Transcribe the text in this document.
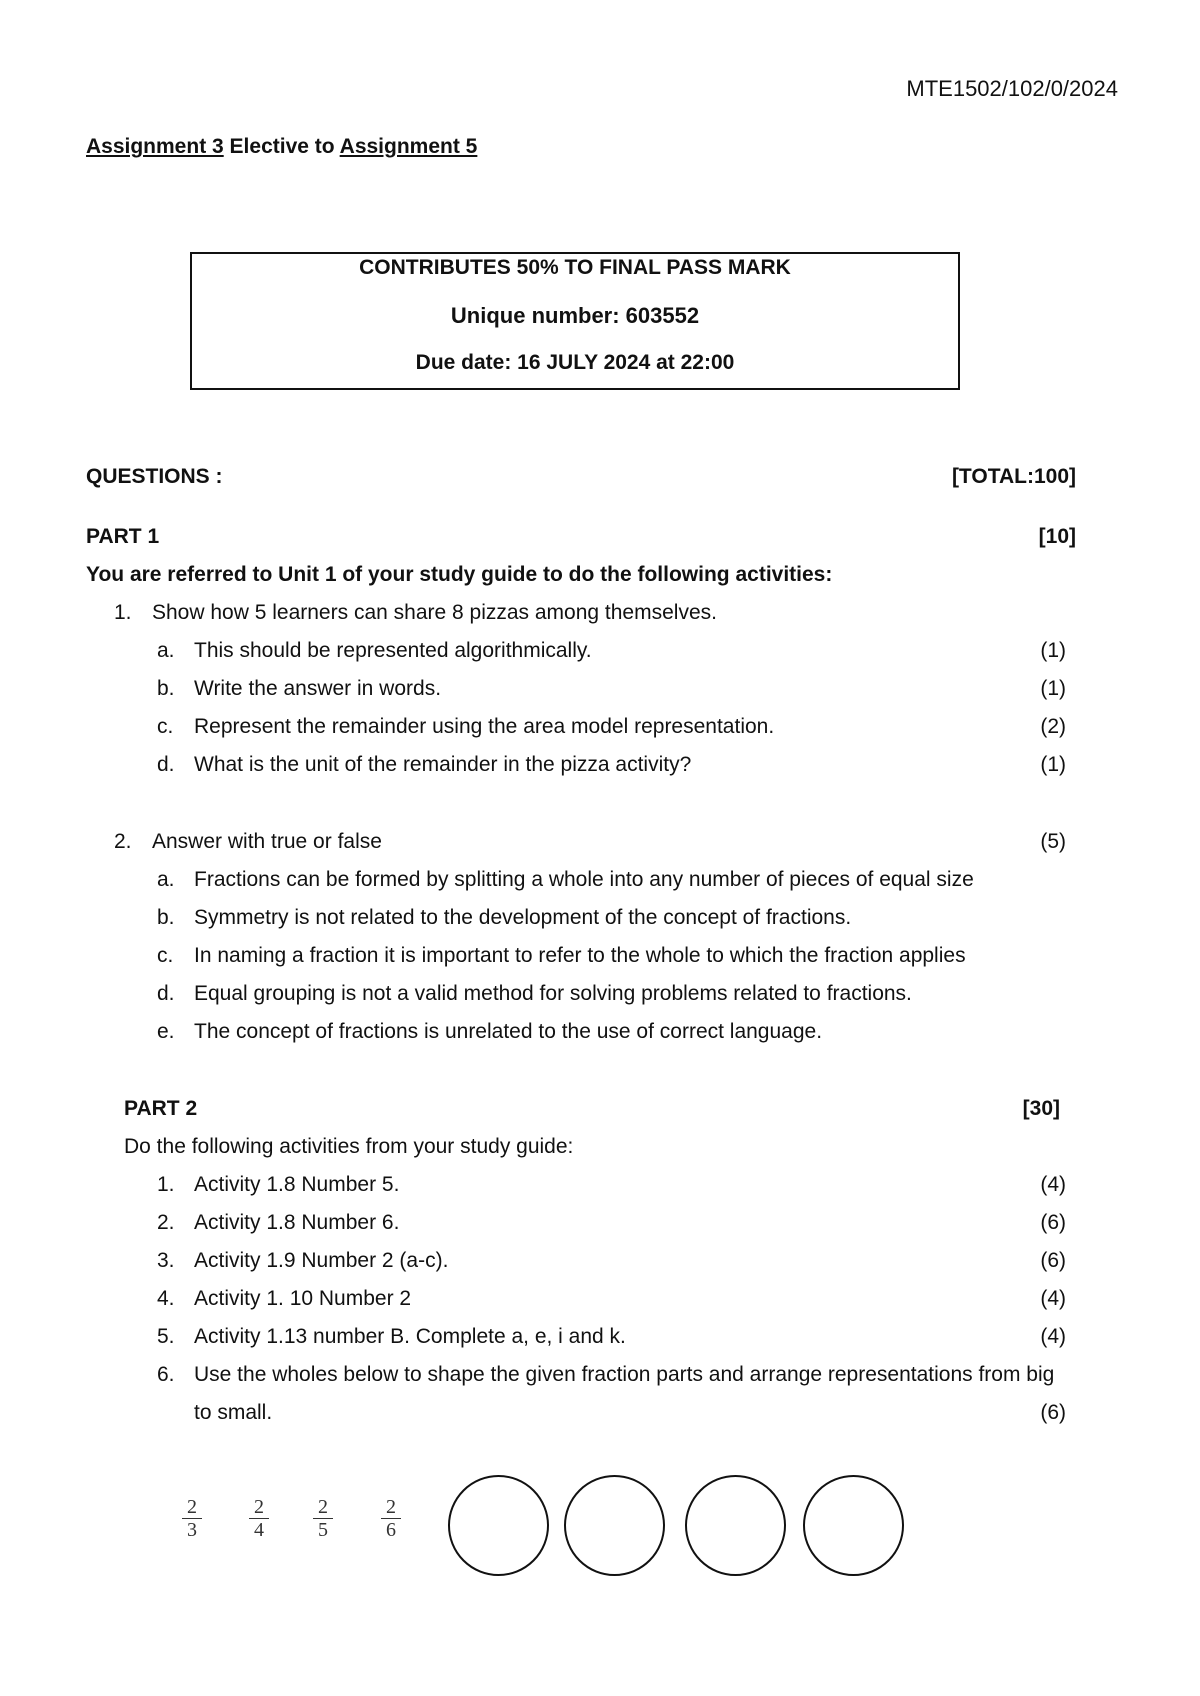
MTE1502/102/0/2024
Assignment 3 Elective to Assignment 5
CONTRIBUTES 50% TO FINAL PASS MARK
Unique number: 603552
Due date: 16 JULY 2024 at 22:00
QUESTIONS :	[TOTAL:100]
PART 1	[10]
You are referred to Unit 1 of your study guide to do the following activities:
1. Show how 5 learners can share 8 pizzas among themselves.
a. This should be represented algorithmically.	(1)
b. Write the answer in words.	(1)
c. Represent the remainder using the area model representation.	(2)
d. What is the unit of the remainder in the pizza activity?	(1)
2. Answer with true or false	(5)
a. Fractions can be formed by splitting a whole into any number of pieces of equal size
b. Symmetry is not related to the development of the concept of fractions.
c. In naming a fraction it is important to refer to the whole to which the fraction applies
d. Equal grouping is not a valid method for solving problems related to fractions.
e. The concept of fractions is unrelated to the use of correct language.
PART 2	[30]
Do the following activities from your study guide:
1. Activity 1.8 Number 5.	(4)
2. Activity 1.8 Number 6.	(6)
3. Activity 1.9 Number 2 (a-c).	(6)
4. Activity 1. 10 Number 2	(4)
5. Activity 1.13 number B. Complete a, e, i and k.	(4)
6. Use the wholes below to shape the given fraction parts and arrange representations from big
to small.	(6)
2
3
2
4
2
5
2
6
